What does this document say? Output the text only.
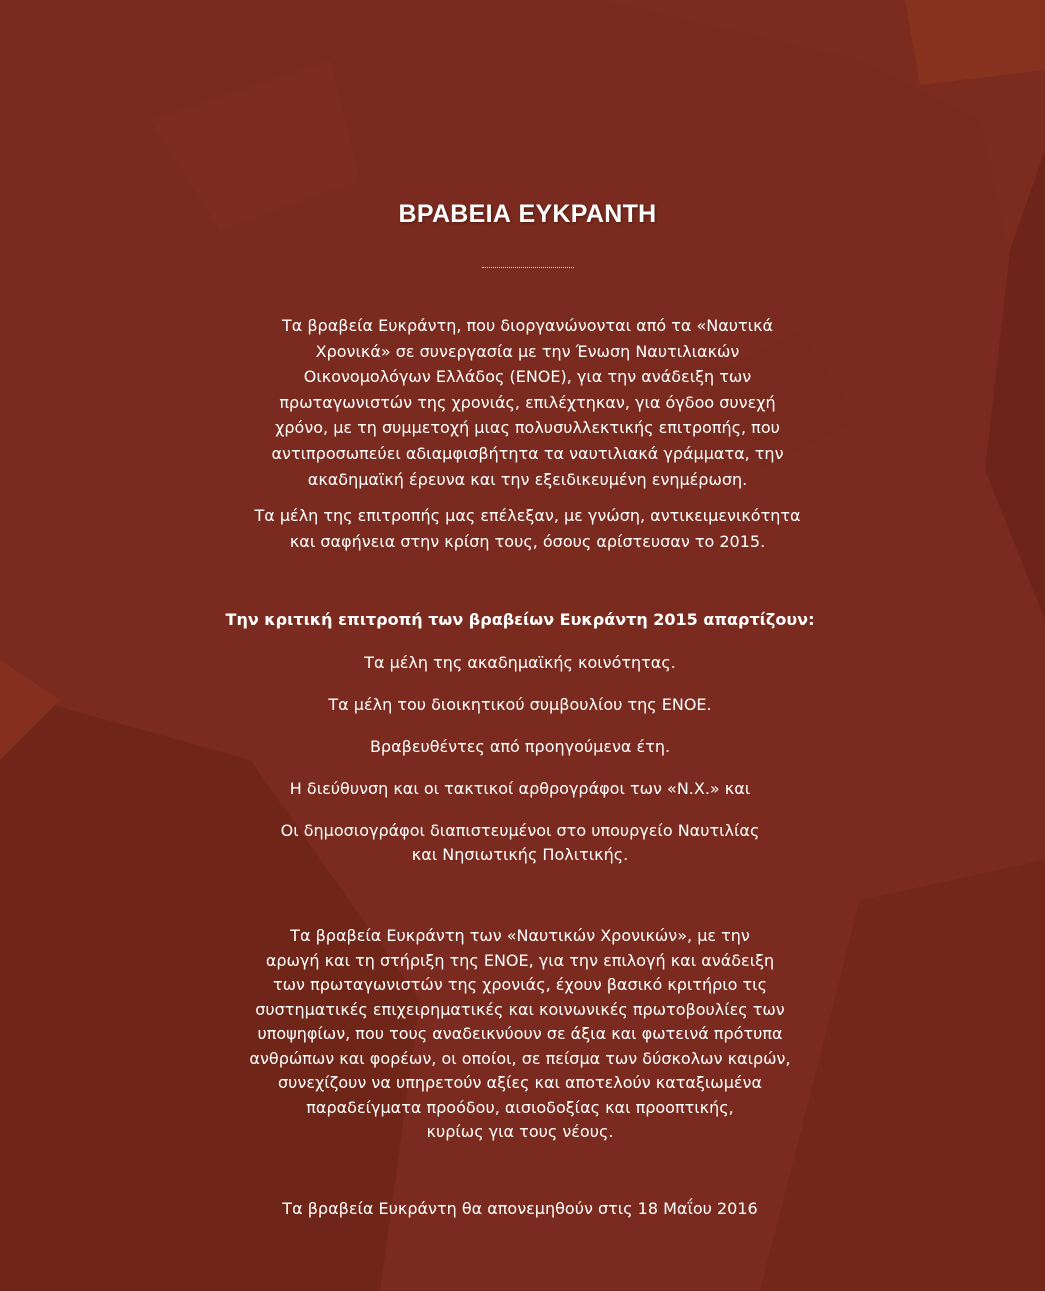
ΒΡΑΒΕΙΑ ΕΥΚΡΑΝΤΗ

Τα βραβεία Ευκράντη, που διοργανώνονται από τα «Ναυτικά
Χρονικά» σε συνεργασία με την Ένωση Ναυτιλιακών
Οικονομολόγων Ελλάδος (ΕΝΟΕ), για την ανάδειξη των
πρωταγωνιστών της χρονιάς, επιλέχτηκαν, για όγδοο συνεχή
χρόνο, με τη συμμετοχή μιας πολυσυλλεκτικής επιτροπής, που
αντιπροσωπεύει αδιαμφισβήτητα τα ναυτιλιακά γράμματα, την
ακαδημαϊκή έρευνα και την εξειδικευμένη ενημέρωση.

Τα μέλη της επιτροπής μας επέλεξαν, με γνώση, αντικειμενικότητα
και σαφήνεια στην κρίση τους, όσους αρίστευσαν το 2015.

Την κριτική επιτροπή των βραβείων Ευκράντη 2015 απαρτίζουν:
Τα μέλη της ακαδημαϊκής κοινότητας.
Τα μέλη του διοικητικού συμβουλίου της ΕΝΟΕ.
Βραβευθέντες από προηγούμενα έτη.
Η διεύθυνση και οι τακτικοί αρθρογράφοι των «Ν.Χ.» και
Οι δημοσιογράφοι διαπιστευμένοι στο υπουργείο Ναυτιλίας
και Νησιωτικής Πολιτικής.

Τα βραβεία Ευκράντη των «Ναυτικών Χρονικών», με την
αρωγή και τη στήριξη της ΕΝΟΕ, για την επιλογή και ανάδειξη
των πρωταγωνιστών της χρονιάς, έχουν βασικό κριτήριο τις
συστηματικές επιχειρηματικές και κοινωνικές πρωτοβουλίες των
υποψηφίων, που τους αναδεικνύουν σε άξια και φωτεινά πρότυπα
ανθρώπων και φορέων, οι οποίοι, σε πείσμα των δύσκολων καιρών,
συνεχίζουν να υπηρετούν αξίες και αποτελούν καταξιωμένα
παραδείγματα προόδου, αισιοδοξίας και προοπτικής,
κυρίως για τους νέους.

Τα βραβεία Ευκράντη θα απονεμηθούν στις 18 Μαΐου 2016
